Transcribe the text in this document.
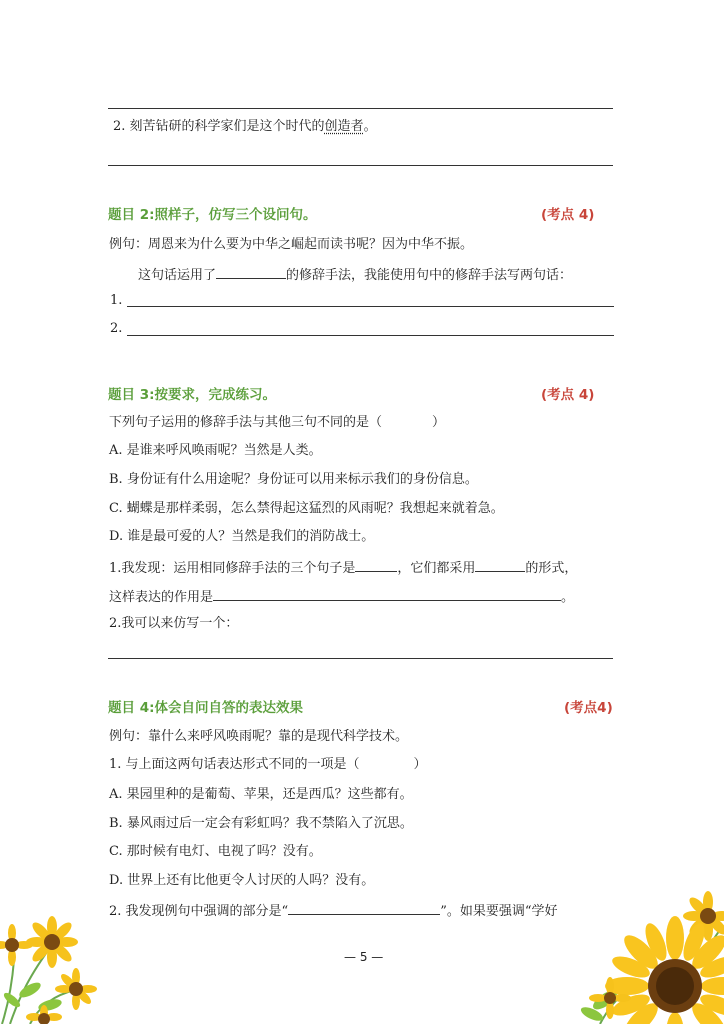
2. 刻苦钻研的科学家们是这个时代的创造者。
题目 2:照样子，仿写三个设问句。	(考点 4)
例句：周恩来为什么要为中华之崛起而读书呢？因为中华不振。
这句话运用了	的修辞手法，我能使用句中的修辞手法写两句话：
1.
2.
题目 3:按要求，完成练习。	(考点 4)
下列句子运用的修辞手法与其他三句不同的是（	）
A. 是谁来呼风唤雨呢？当然是人类。
B. 身份证有什么用途呢？身份证可以用来标示我们的身份信息。
C. 蝴蝶是那样柔弱，怎么禁得起这猛烈的风雨呢？我想起来就着急。
D. 谁是最可爱的人？当然是我们的消防战士。
1.我发现：运用相同修辞手法的三个句子是	，它们都采用	的形式，
这样表达的作用是	。
2.我可以来仿写一个：
题目 4:体会自问自答的表达效果	(考点4)
例句：靠什么来呼风唤雨呢？靠的是现代科学技术。
1. 与上面这两句话表达形式不同的一项是（	）
A. 果园里种的是葡萄、苹果，还是西瓜？这些都有。
B. 暴风雨过后一定会有彩虹吗？我不禁陷入了沉思。
C. 那时候有电灯、电视了吗？没有。
D. 世界上还有比他更令人讨厌的人吗？没有。
2. 我发现例句中强调的部分是“	”。如果要强调“学好
— 5 —
